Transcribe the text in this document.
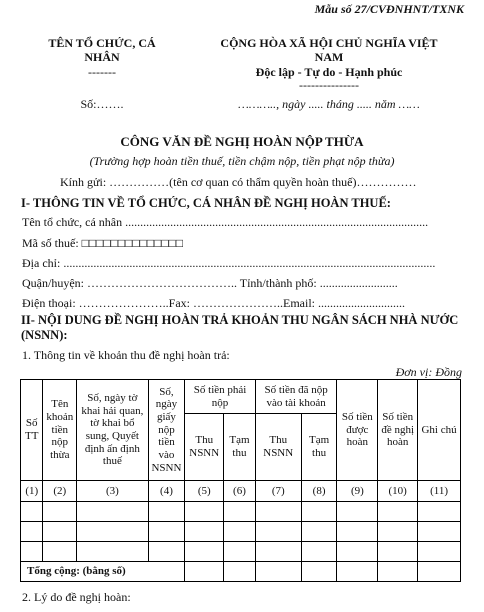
Mẫu số 27/CVĐNHNT/TXNK
TÊN TỔ CHỨC, CÁ
NHÂN
-------
Số:…….
CỘNG HÒA XÃ HỘI CHỦ NGHĨA VIỆT
NAM
Độc lập - Tự do - Hạnh phúc
---------------
……….., ngày ..... tháng ..... năm ……
CÔNG VĂN ĐỀ NGHỊ HOÀN NỘP THỪA
(Trường hợp hoàn tiền thuế, tiền chậm nộp, tiền phạt nộp thừa)
Kính gửi: ……………(tên cơ quan có thẩm quyền hoàn thuế)……………
I- THÔNG TIN VỀ TỔ CHỨC, CÁ NHÂN ĐỀ NGHỊ HOÀN THUẾ:
Tên tổ chức, cá nhân .....................................................................................................
Mã số thuế: □□□□□□□□□□□□□□
Địa chỉ: ............................................................................................................................
Quận/huyện: ……………………………….. Tỉnh/thành phố: ..........................
Điện thoại: …………………..Fax: …………………..Email: .............................
II- NỘI DUNG ĐỀ NGHỊ HOÀN TRẢ KHOẢN THU NGÂN SÁCH NHÀ NƯỚC
(NSNN):
1. Thông tin về khoản thu đề nghị hoàn trả:
Đơn vị: Đồng
Số TT	Tên khoản tiền nộp thừa	Số, ngày tờ khai hải quan, tờ khai bổ sung, Quyết định ấn định thuế	Số, ngày giấy nộp tiền vào NSNN	Số tiền phải nộp		Số tiền đã nộp vào tài khoản		Số tiền được hoàn	Số tiền đề nghị hoàn	Ghi chú
				Thu NSNN	Tạm thu	Thu NSNN	Tạm thu			
(1)	(2)	(3)	(4)	(5)	(6)	(7)	(8)	(9)	(10)	(11)

Tổng cộng: (bằng số)										
2. Lý do đề nghị hoàn:
